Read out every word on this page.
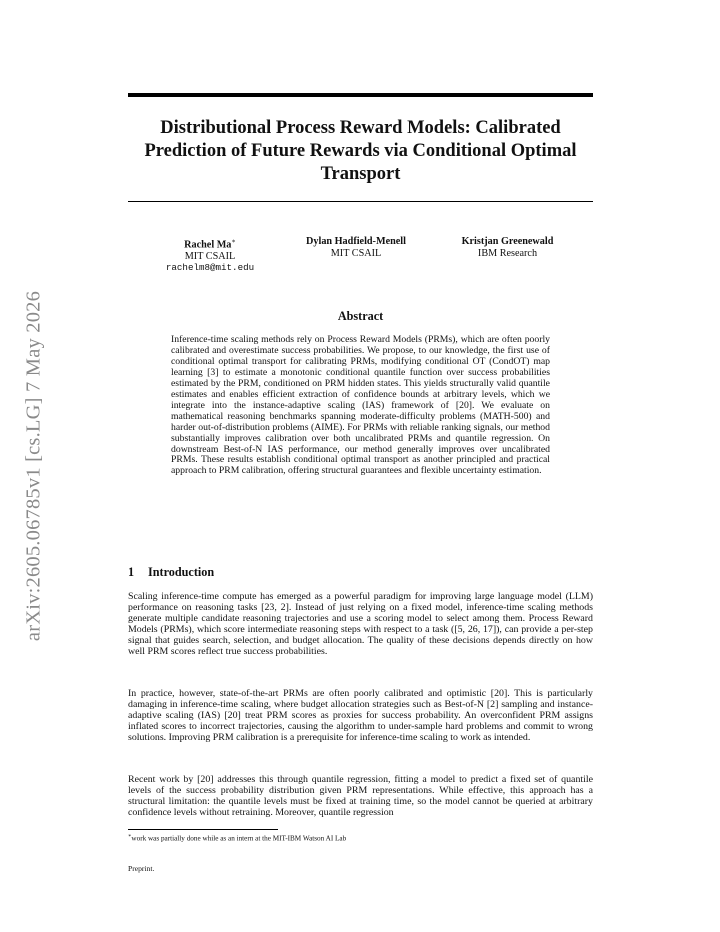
arXiv:2605.06785v1 [cs.LG] 7 May 2026
Distributional Process Reward Models: Calibrated Prediction of Future Rewards via Conditional Optimal Transport
Rachel Ma∗
MIT CSAIL
rachelm8@mit.edu
Dylan Hadfield-Menell
MIT CSAIL
Kristjan Greenewald
IBM Research
Abstract

Inference-time scaling methods rely on Process Reward Models (PRMs), which are often poorly calibrated and overestimate success probabilities. We propose, to our knowledge, the first use of conditional optimal transport for calibrating PRMs, modifying conditional OT (CondOT) map learning [3] to estimate a monotonic conditional quantile function over success probabilities estimated by the PRM, conditioned on PRM hidden states. This yields structurally valid quantile estimates and enables efficient extraction of confidence bounds at arbitrary levels, which we integrate into the instance-adaptive scaling (IAS) framework of [20]. We evaluate on mathematical reasoning benchmarks spanning moderate-difficulty problems (MATH-500) and harder out-of-distribution problems (AIME). For PRMs with reliable ranking signals, our method substantially improves calibration over both uncalibrated PRMs and quantile regression. On downstream Best-of-N IAS performance, our method generally improves over uncalibrated PRMs. These results establish conditional optimal transport as another principled and practical approach to PRM calibration, offering structural guarantees and flexible uncertainty estimation.

1 Introduction

Scaling inference-time compute has emerged as a powerful paradigm for improving large language model (LLM) performance on reasoning tasks [23, 2]. Instead of just relying on a fixed model, inference-time scaling methods generate multiple candidate reasoning trajectories and use a scoring model to select among them. Process Reward Models (PRMs), which score intermediate reasoning steps with respect to a task ([5, 26, 17]), can provide a per-step signal that guides search, selection, and budget allocation. The quality of these decisions depends directly on how well PRM scores reflect true success probabilities.

In practice, however, state-of-the-art PRMs are often poorly calibrated and optimistic [20]. This is particularly damaging in inference-time scaling, where budget allocation strategies such as Best-of-N [2] sampling and instance-adaptive scaling (IAS) [20] treat PRM scores as proxies for success probability. An overconfident PRM assigns inflated scores to incorrect trajectories, causing the algorithm to under-sample hard problems and commit to wrong solutions. Improving PRM calibration is a prerequisite for inference-time scaling to work as intended.

Recent work by [20] addresses this through quantile regression, fitting a model to predict a fixed set of quantile levels of the success probability distribution given PRM representations. While effective, this approach has a structural limitation: the quantile levels must be fixed at training time, so the model cannot be queried at arbitrary confidence levels without retraining. Moreover, quantile regression

∗work was partially done while as an intern at the MIT-IBM Watson AI Lab
Preprint.
